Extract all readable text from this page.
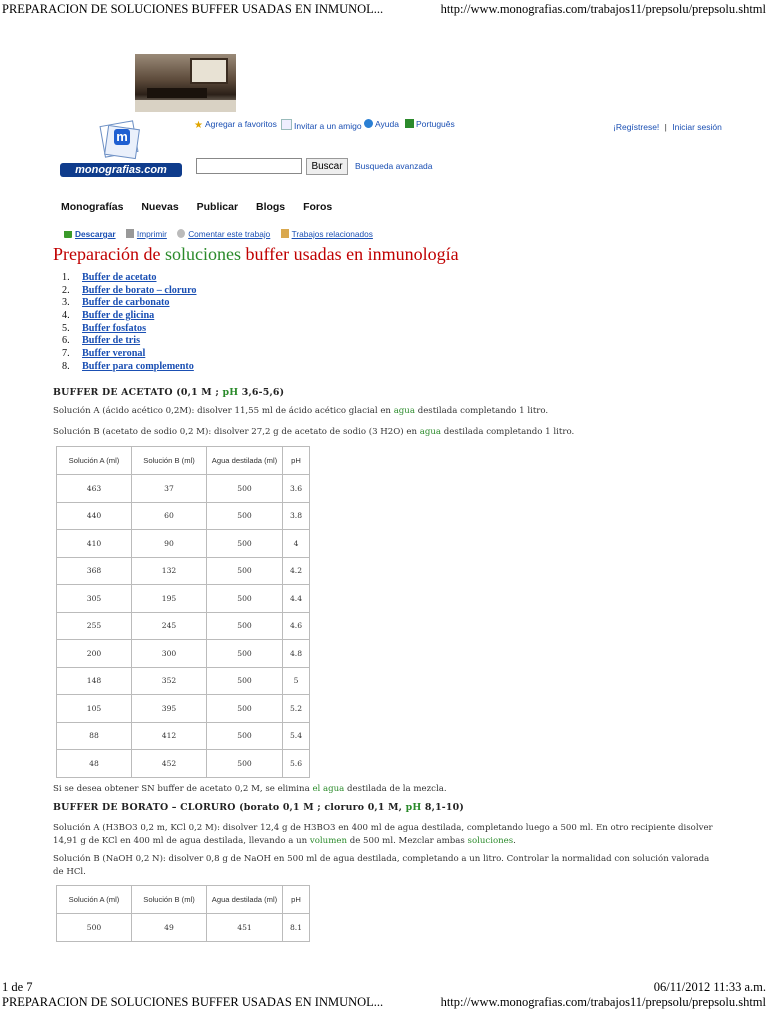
PREPARACION DE SOLUCIONES BUFFER USADAS EN INMUNOL...	http://www.monografias.com/trabajos11/prepsolu/prepsolu.shtml
★ Agregar a favoritos	Invitar a un amigo	Ayuda	Português	¡Regístrese! | Iniciar sesión
m
monografias.com	Buscar	Busqueda avanzada
Monografías Nuevas Publicar Blogs Foros
Descargar	Imprimir	Comentar este trabajo	Trabajos relacionados
Preparación de soluciones buffer usadas en inmunología
1. Buffer de acetato
2. Buffer de borato – cloruro
3. Buffer de carbonato
4. Buffer de glicina
5. Buffer fosfatos
6. Buffer de tris
7. Buffer veronal
8. Buffer para complemento
BUFFER DE ACETATO (0,1 M ; pH 3,6-5,6)
Solución A (ácido acético 0,2M): disolver 11,55 ml de ácido acético glacial en agua destilada completando 1 litro.
Solución B (acetato de sodio 0,2 M): disolver 27,2 g de acetato de sodio (3 H2O) en agua destilada completando 1 litro.
Solución A (ml)	Solución B (ml)	Agua destilada (ml)	pH
463	37	500	3.6
440	60	500	3.8
410	90	500	4
368	132	500	4.2
305	195	500	4.4
255	245	500	4.6
200	300	500	4.8
148	352	500	5
105	395	500	5.2
88	412	500	5.4
48	452	500	5.6
Si se desea obtener SN buffer de acetato 0,2 M, se elimina el agua destilada de la mezcla.
BUFFER DE BORATO – CLORURO (borato 0,1 M ; cloruro 0,1 M, pH 8,1-10)
Solución A (H3BO3 0,2 m, KCl 0,2 M): disolver 12,4 g de H3BO3 en 400 ml de agua destilada, completando luego a 500 ml. En otro recipiente disolver 14,91 g de KCl en 400 ml de agua destilada, llevando a un volumen de 500 ml. Mezclar ambas soluciones.
Solución B (NaOH 0,2 N): disolver 0,8 g de NaOH en 500 ml de agua destilada, completando a un litro. Controlar la normalidad con solución valorada de HCl.
Solución A (ml)	Solución B (ml)	Agua destilada (ml)	pH
500	49	451	8.1
1 de 7	06/11/2012 11:33 a.m.
PREPARACION DE SOLUCIONES BUFFER USADAS EN INMUNOL...	http://www.monografias.com/trabajos11/prepsolu/prepsolu.shtml
